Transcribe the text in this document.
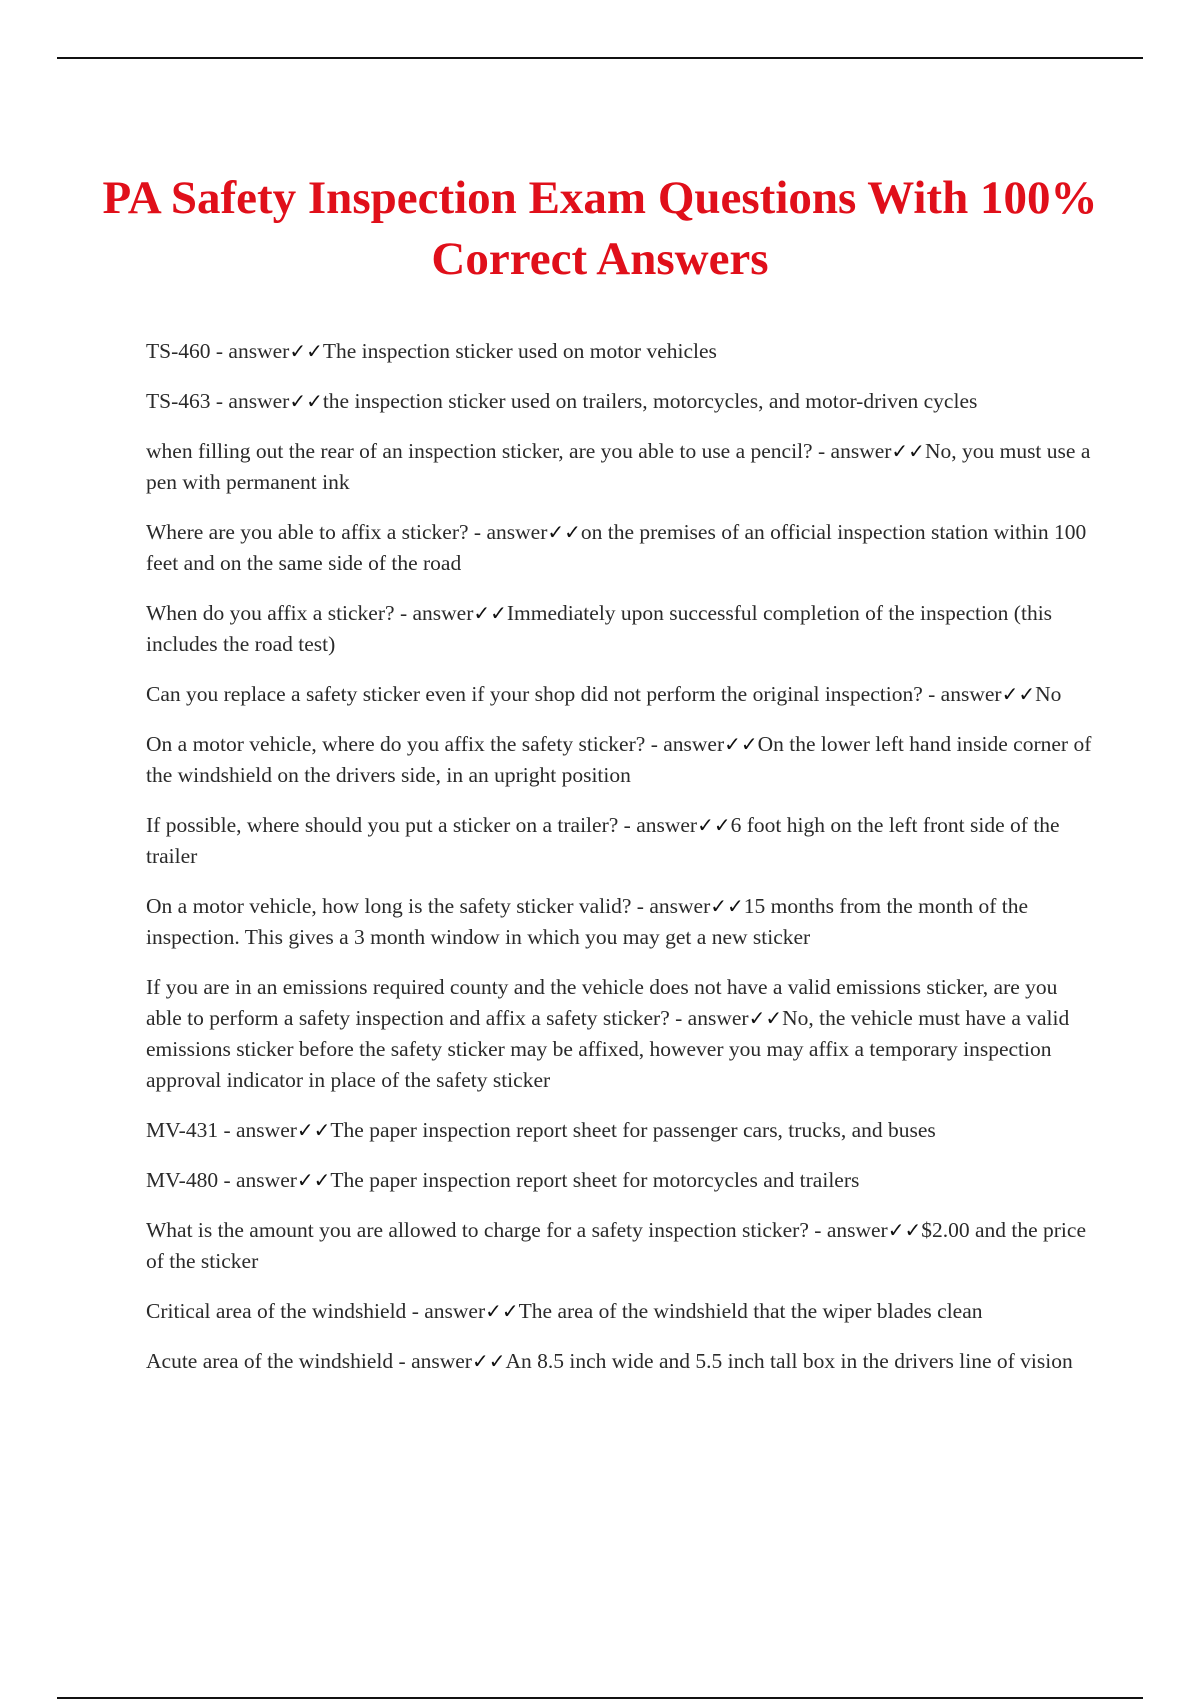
PA Safety Inspection Exam Questions With 100% Correct Answers
TS-460 - answer✓✓The inspection sticker used on motor vehicles
TS-463 - answer✓✓the inspection sticker used on trailers, motorcycles, and motor-driven cycles
when filling out the rear of an inspection sticker, are you able to use a pencil? - answer✓✓No, you must use a pen with permanent ink
Where are you able to affix a sticker? - answer✓✓on the premises of an official inspection station within 100 feet and on the same side of the road
When do you affix a sticker? - answer✓✓Immediately upon successful completion of the inspection (this includes the road test)
Can you replace a safety sticker even if your shop did not perform the original inspection? - answer✓✓No
On a motor vehicle, where do you affix the safety sticker? - answer✓✓On the lower left hand inside corner of the windshield on the drivers side, in an upright position
If possible, where should you put a sticker on a trailer? - answer✓✓6 foot high on the left front side of the trailer
On a motor vehicle, how long is the safety sticker valid? - answer✓✓15 months from the month of the inspection. This gives a 3 month window in which you may get a new sticker
If you are in an emissions required county and the vehicle does not have a valid emissions sticker, are you able to perform a safety inspection and affix a safety sticker? - answer✓✓No, the vehicle must have a valid emissions sticker before the safety sticker may be affixed, however you may affix a temporary inspection approval indicator in place of the safety sticker
MV-431 - answer✓✓The paper inspection report sheet for passenger cars, trucks, and buses
MV-480 - answer✓✓The paper inspection report sheet for motorcycles and trailers
What is the amount you are allowed to charge for a safety inspection sticker? - answer✓✓$2.00 and the price of the sticker
Critical area of the windshield - answer✓✓The area of the windshield that the wiper blades clean
Acute area of the windshield - answer✓✓An 8.5 inch wide and 5.5 inch tall box in the drivers line of vision
